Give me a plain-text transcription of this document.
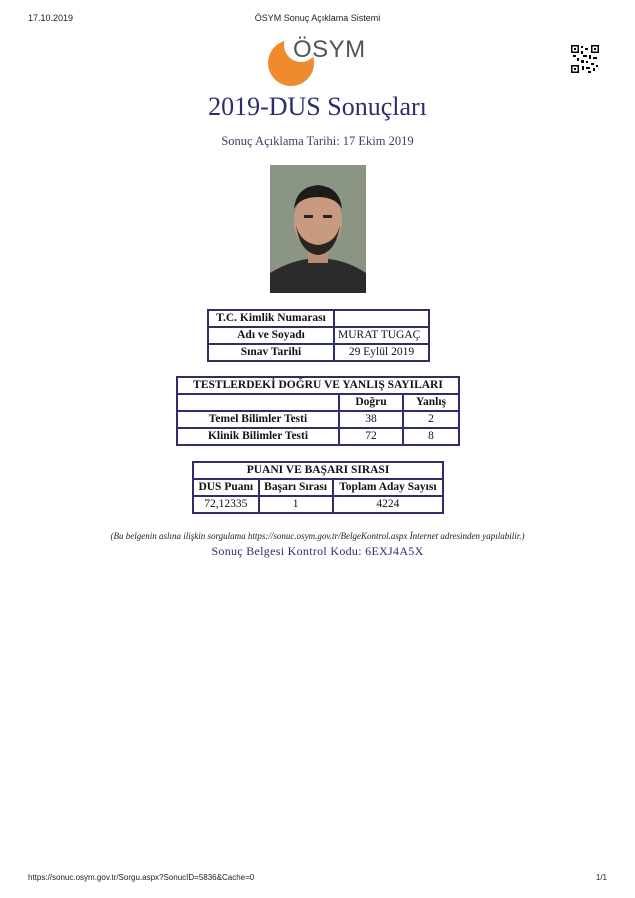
17.10.2019	ÖSYM Sonuç Açıklama Sistemi
ÖSYM
2019-DUS Sonuçları
Sonuç Açıklama Tarihi: 17 Ekim 2019
T.C. Kimlik Numarası	
Adı ve Soyadı	MURAT TUGAÇ
Sınav Tarihi	29 Eylül 2019
TESTLERDEKİ DOĞRU VE YANLIŞ SAYILARI		
	Doğru	Yanlış
Temel Bilimler Testi	38	2
Klinik Bilimler Testi	72	8
PUANI VE BAŞARI SIRASI		
DUS Puanı	Başarı Sırası	Toplam Aday Sayısı
72,12335	1	4224
(Bu belgenin aslına ilişkin sorgulama https://sonuc.osym.gov.tr/BelgeKontrol.aspx İnternet adresinden yapılabilir.)
Sonuç Belgesi Kontrol Kodu: 6EXJ4A5X
https://sonuc.osym.gov.tr/Sorgu.aspx?SonucID=5836&Cache=0	1/1
